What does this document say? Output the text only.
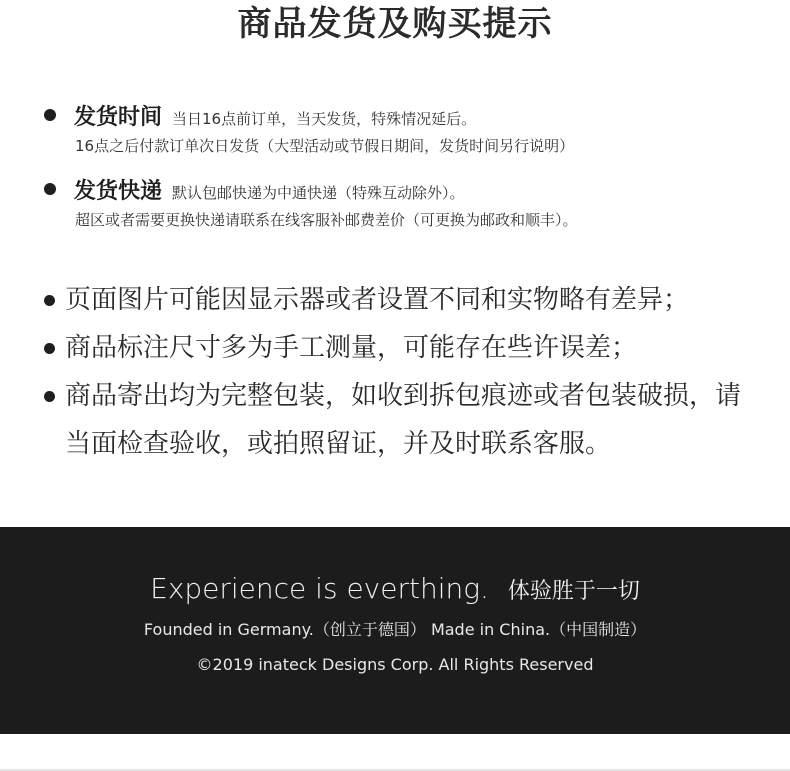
商品发货及购买提示
发货时间 当日16点前订单，当天发货，特殊情况延后。
16点之后付款订单次日发货（大型活动或节假日期间，发货时间另行说明）
发货快递 默认包邮快递为中通快递（特殊互动除外）。
超区或者需要更换快递请联系在线客服补邮费差价（可更换为邮政和顺丰）。
页面图片可能因显示器或者设置不同和实物略有差异；
商品标注尺寸多为手工测量，可能存在些许误差；
商品寄出均为完整包装，如收到拆包痕迹或者包装破损，请当面检查验收，或拍照留证，并及时联系客服。
Experience is everthing. 体验胜于一切
Founded in Germany.（创立于德国） Made in China.（中国制造）
©2019 inateck Designs Corp. All Rights Reserved
